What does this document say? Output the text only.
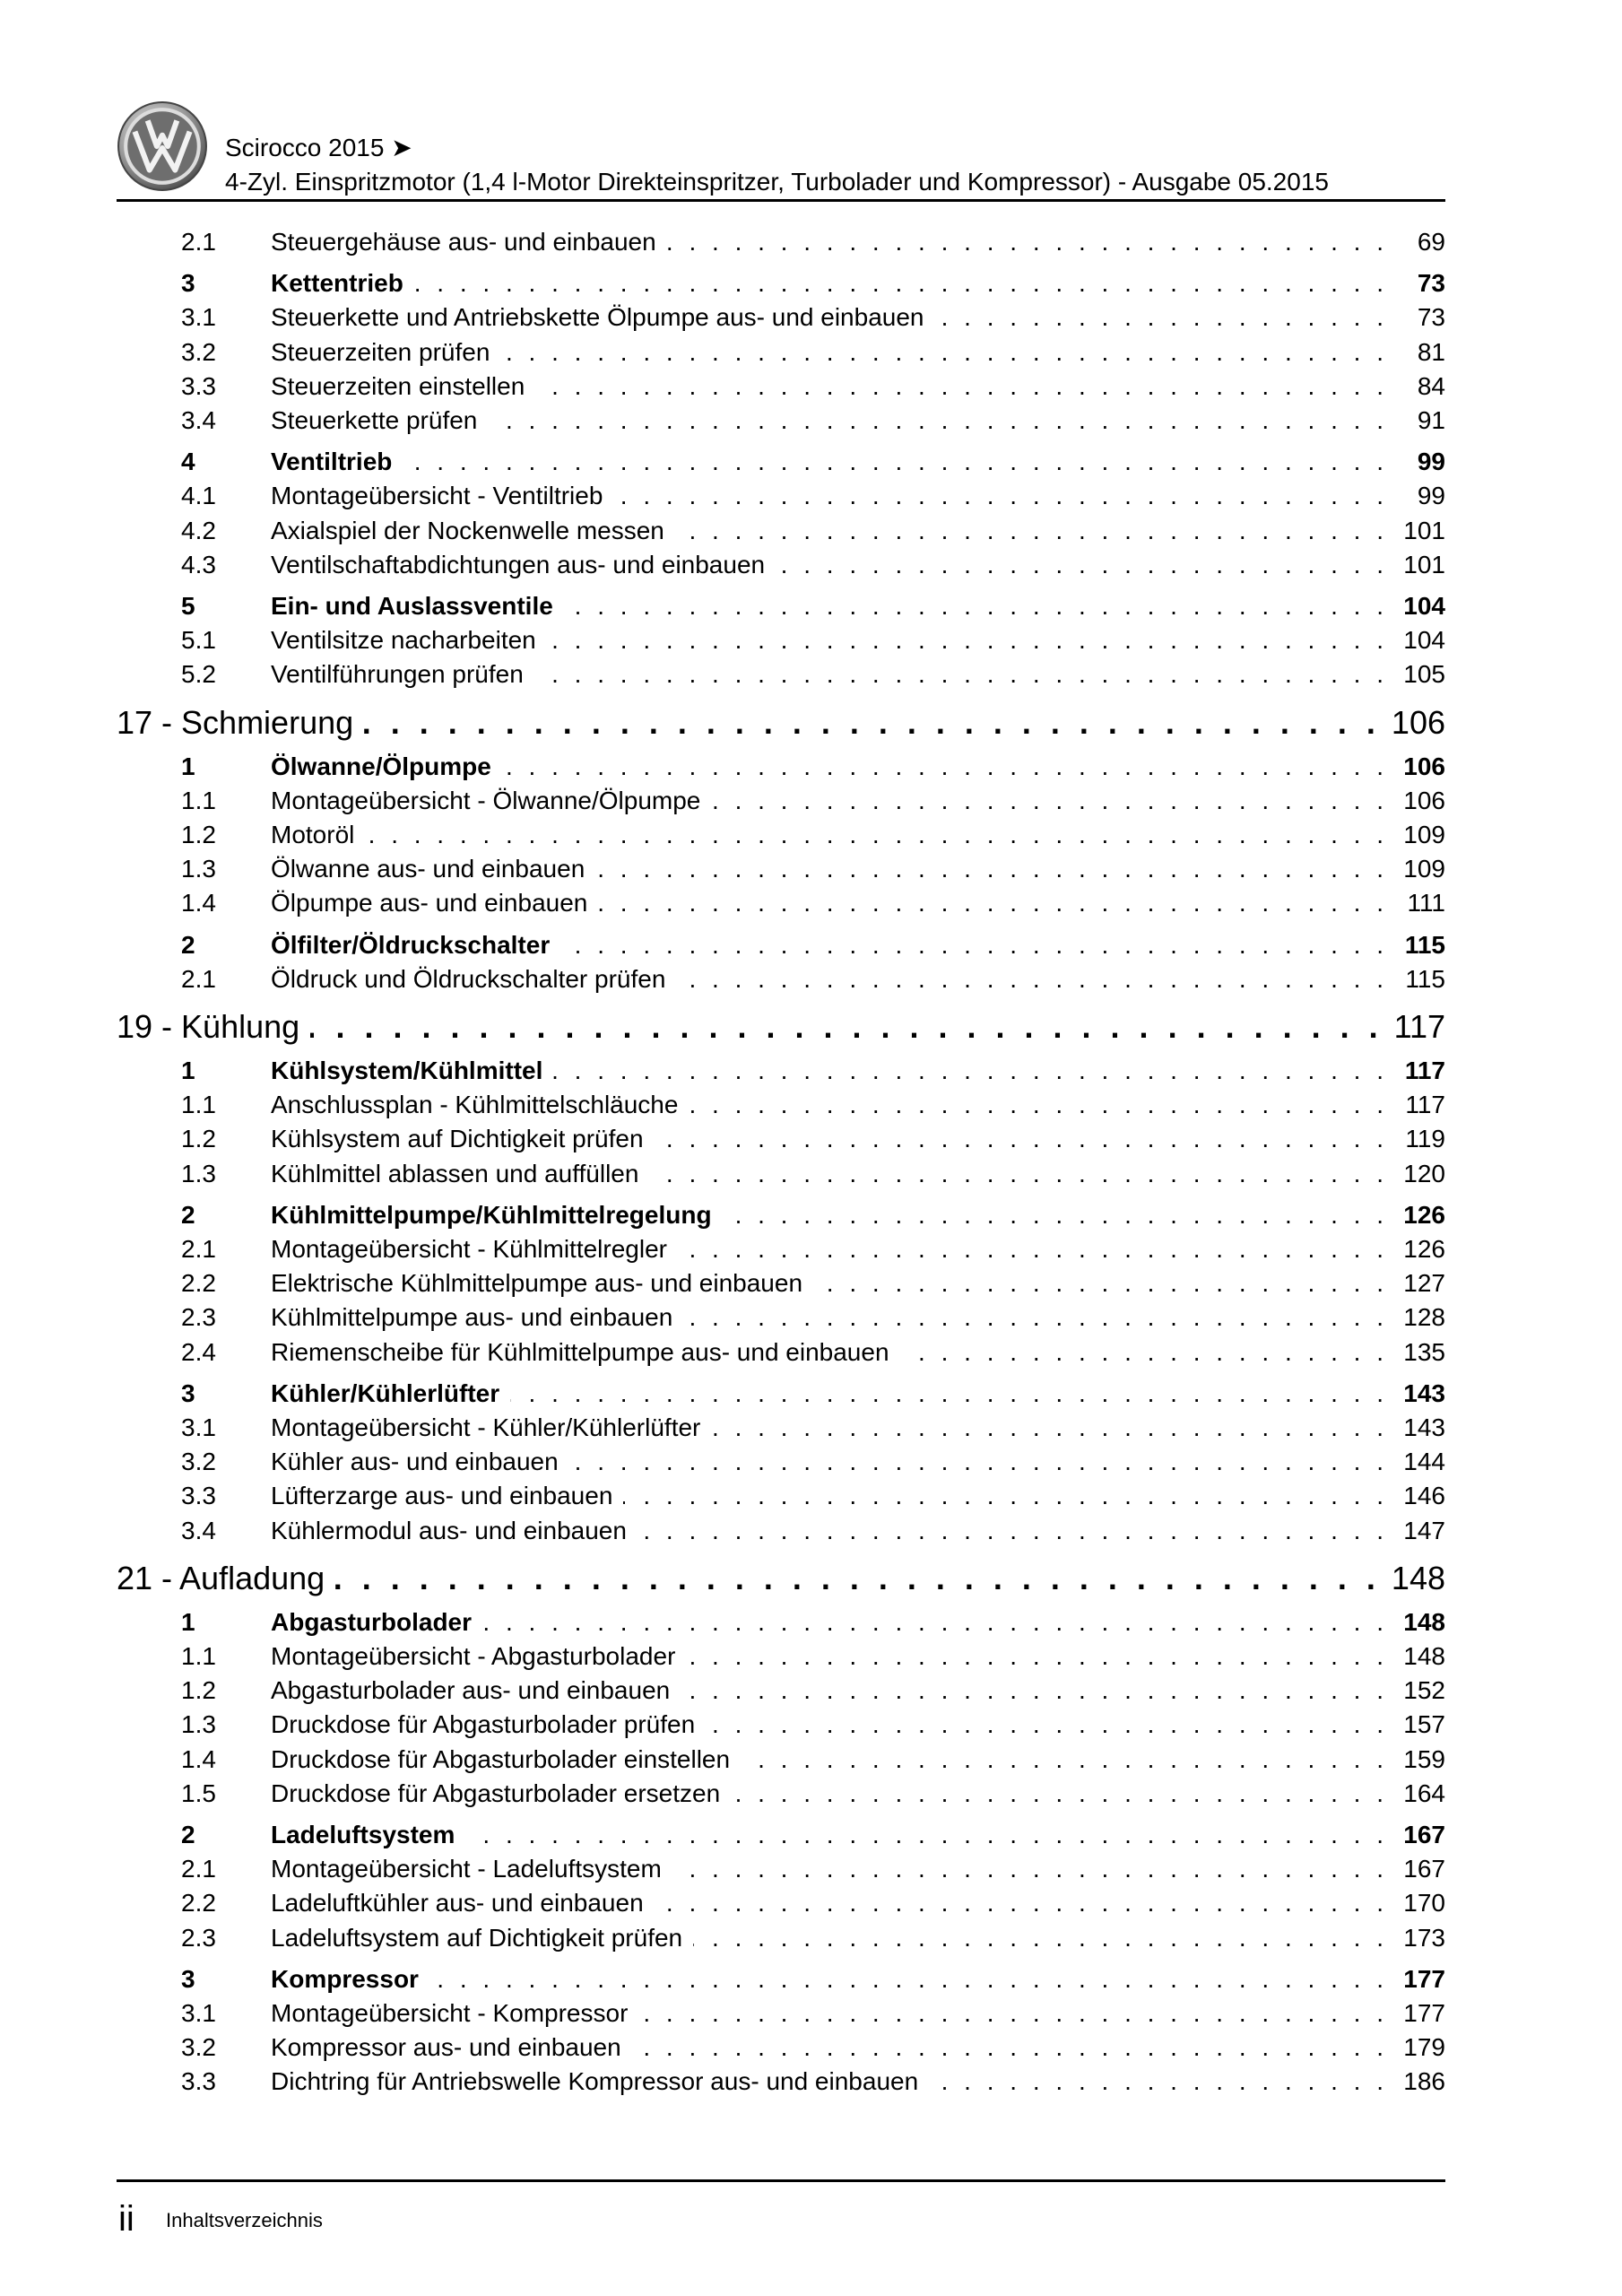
Scirocco 2015 ➤
4-Zyl. Einspritzmotor (1,4 l-Motor Direkteinspritzer, Turbolader und Kompressor) - Ausgabe 05.2015
2.1 Steuergehäuse aus- und einbauen . . .	69
3	Kettentrieb . . .	73
3.1 Steuerkette und Antriebskette Ölpumpe aus- und einbauen . . .	73
3.2 Steuerzeiten prüfen . . .	81
3.3 Steuerzeiten einstellen . . .	84
3.4 Steuerkette prüfen . . .	91
4	Ventiltrieb . . .	99
4.1 Montageübersicht - Ventiltrieb . . .	99
4.2 Axialspiel der Nockenwelle messen . . .	101
4.3 Ventilschaftabdichtungen aus- und einbauen . . .	101
5	Ein- und Auslassventile . . .	104
5.1 Ventilsitze nacharbeiten . . .	104
5.2 Ventilführungen prüfen . . .	105
17 - Schmierung . . .	106
1	Ölwanne/Ölpumpe . . .	106
1.1 Montageübersicht - Ölwanne/Ölpumpe . . .	106
1.2 Motoröl . . .	109
1.3 Ölwanne aus- und einbauen . . .	109
1.4 Ölpumpe aus- und einbauen . . .	111
2	Ölfilter/Öldruckschalter . . .	115
2.1 Öldruck und Öldruckschalter prüfen . . .	115
19 - Kühlung . . .	117
1	Kühlsystem/Kühlmittel . . .	117
1.1 Anschlussplan - Kühlmittelschläuche . . .	117
1.2 Kühlsystem auf Dichtigkeit prüfen . . .	119
1.3 Kühlmittel ablassen und auffüllen . . .	120
2	Kühlmittelpumpe/Kühlmittelregelung . . .	126
2.1 Montageübersicht - Kühlmittelregler . . .	126
2.2 Elektrische Kühlmittelpumpe aus- und einbauen . . .	127
2.3 Kühlmittelpumpe aus- und einbauen . . .	128
2.4 Riemenscheibe für Kühlmittelpumpe aus- und einbauen . . .	135
3	Kühler/Kühlerlüfter . . .	143
3.1 Montageübersicht - Kühler/Kühlerlüfter . . .	143
3.2 Kühler aus- und einbauen . . .	144
3.3 Lüfterzarge aus- und einbauen . . .	146
3.4 Kühlermodul aus- und einbauen . . .	147
21 - Aufladung . . .	148
1	Abgasturbolader . . .	148
1.1 Montageübersicht - Abgasturbolader . . .	148
1.2 Abgasturbolader aus- und einbauen . . .	152
1.3 Druckdose für Abgasturbolader prüfen . . .	157
1.4 Druckdose für Abgasturbolader einstellen . . .	159
1.5 Druckdose für Abgasturbolader ersetzen . . .	164
2	Ladeluftsystem . . .	167
2.1 Montageübersicht - Ladeluftsystem . . .	167
2.2 Ladeluftkühler aus- und einbauen . . .	170
2.3 Ladeluftsystem auf Dichtigkeit prüfen . . .	173
3	Kompressor . . .	177
3.1 Montageübersicht - Kompressor . . .	177
3.2 Kompressor aus- und einbauen . . .	179
3.3 Dichtring für Antriebswelle Kompressor aus- und einbauen . . .	186
ii Inhaltsverzeichnis
